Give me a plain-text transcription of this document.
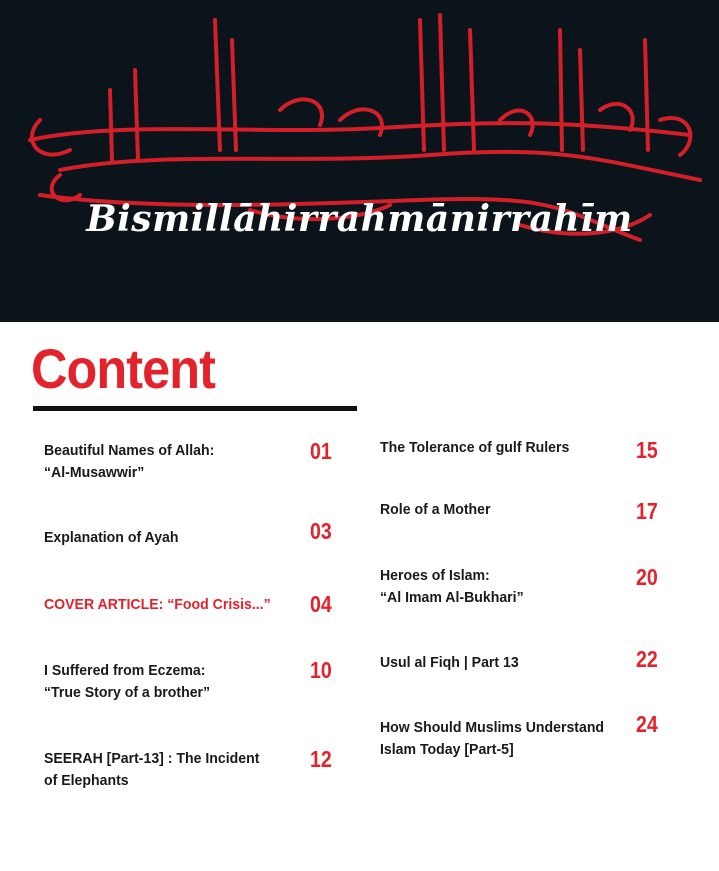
Bismillāhirrahmānirrahīm
Content
Beautiful Names of Allah:
“Al-Musawwir”
01
Explanation of Ayah	03
COVER ARTICLE: “Food Crisis...” 04
I Suffered from Eczema:
“True Story of a brother”
10
SEERAH [Part-13] : The Incident
of Elephants
12
The Tolerance of gulf Rulers	15
Role of a Mother	17
Heroes of Islam:
“Al Imam Al-Bukhari”
20
Usul al Fiqh | Part 13	22
How Should Muslims Understand
Islam Today [Part-5]
24
